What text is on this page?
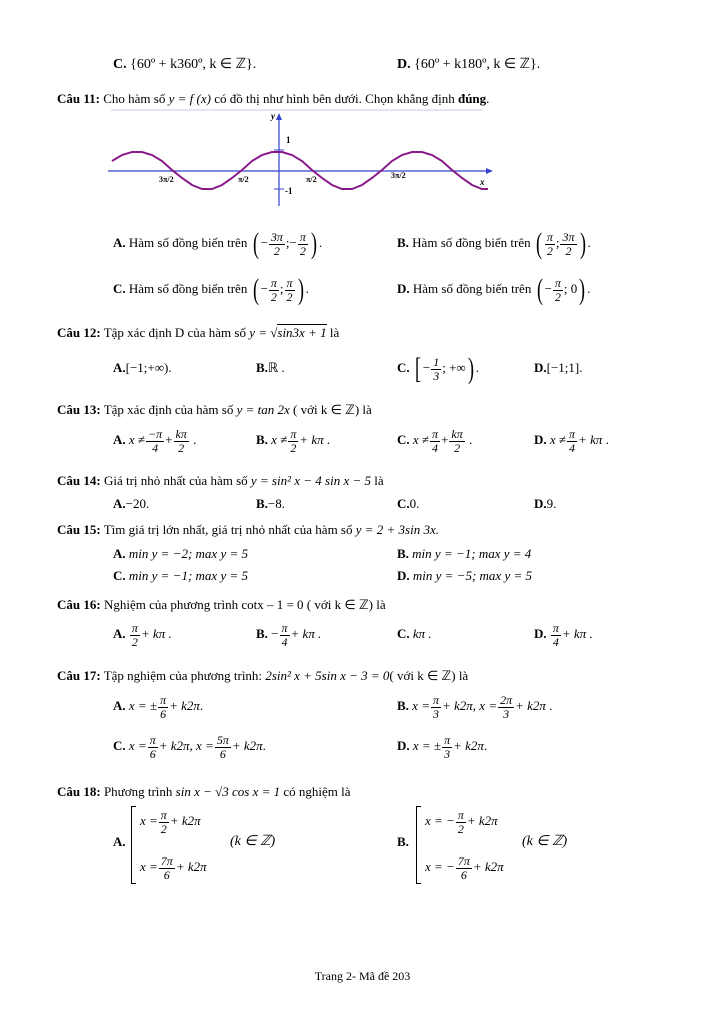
C. {60º + k360º, k ∈ ℤ}.	D. {60º + k180º, k ∈ ℤ}.
Câu 11: Cho hàm số y = f (x) có đồ thị như hình bên dưới. Chọn khẳng định đúng.
y
x
1
-1
3π/2	π/2	π/2	3π/2
A. Hàm số đồng biến trên ( − $\frac{3\pi}{2}$ ;− $\frac{\pi}{2}$ ) .	B. Hàm số đồng biến trên ( $\frac{\pi}{2}$ ; $\frac{3\pi}{2}$ ) .
C. Hàm số đồng biến trên ( − $\frac{\pi}{2}$ ; $\frac{\pi}{2}$ ) .	D. Hàm số đồng biến trên ( − $\frac{\pi}{2}$ ; 0) .
Câu 12: Tập xác định D của hàm số y = √sin3x + 1 là
A.[−1;+∞).	B.ℝ .	C. [ − $\frac{1}{3}$ ; +∞) .	D.[−1;1].
Câu 13: Tập xác định của hàm số y = tan 2x ( với k ∈ ℤ) là
A. $x \ne \frac{-\pi}{4} + \frac{k\pi}{2}$ .	B. $x \ne \frac{\pi}{2} + k\pi$ .	C. $x \ne \frac{\pi}{4} + \frac{k\pi}{2}$ .	D. $x \ne \frac{\pi}{4} + k\pi$ .
Câu 14: Giá trị nhỏ nhất của hàm số y = sin² x − 4 sin x − 5 là
A.−20.	B.−8.	C.0.	D.9.
Câu 15: Tìm giá trị lớn nhất, giá trị nhỏ nhất của hàm số y = 2 + 3sin 3x.
A. min y = −2; max y = 5	B. min y = −1; max y = 4
C. min y = −1; max y = 5	D. min y = −5; max y = 5
Câu 16: Nghiệm của phương trình cotx – 1 = 0 ( với k ∈ ℤ) là
A. $\frac{\pi}{2} + k\pi$ .	B. − $\frac{\pi}{4} + k\pi$ .	C. kπ .	D. $\frac{\pi}{4} + k\pi$ .
Câu 17: Tập nghiệm của phương trình: 2sin² x + 5sin x − 3 = 0( với k ∈ ℤ) là
A. x = ± $\frac{\pi}{6} + k2\pi$.	B. $x = \frac{\pi}{3} + k2\pi$, $x = \frac{2\pi}{3} + k2\pi$ .
C. $x = \frac{\pi}{6} + k2\pi$, $x = \frac{5\pi}{6} + k2\pi$.	D. x = ± $\frac{\pi}{3} + k2\pi$.
Câu 18: Phương trình sin x − √3 cos x = 1 có nghiệm là
A.
$x = \frac{\pi}{2} + k2\pi$
$x = \frac{7\pi}{6} + k2\pi$
(k ∈ ℤ)	B.
x = − $\frac{\pi}{2} + k2\pi$
x = − $\frac{7\pi}{6} + k2\pi$
(k ∈ ℤ)
Trang 2- Mã đề 203
